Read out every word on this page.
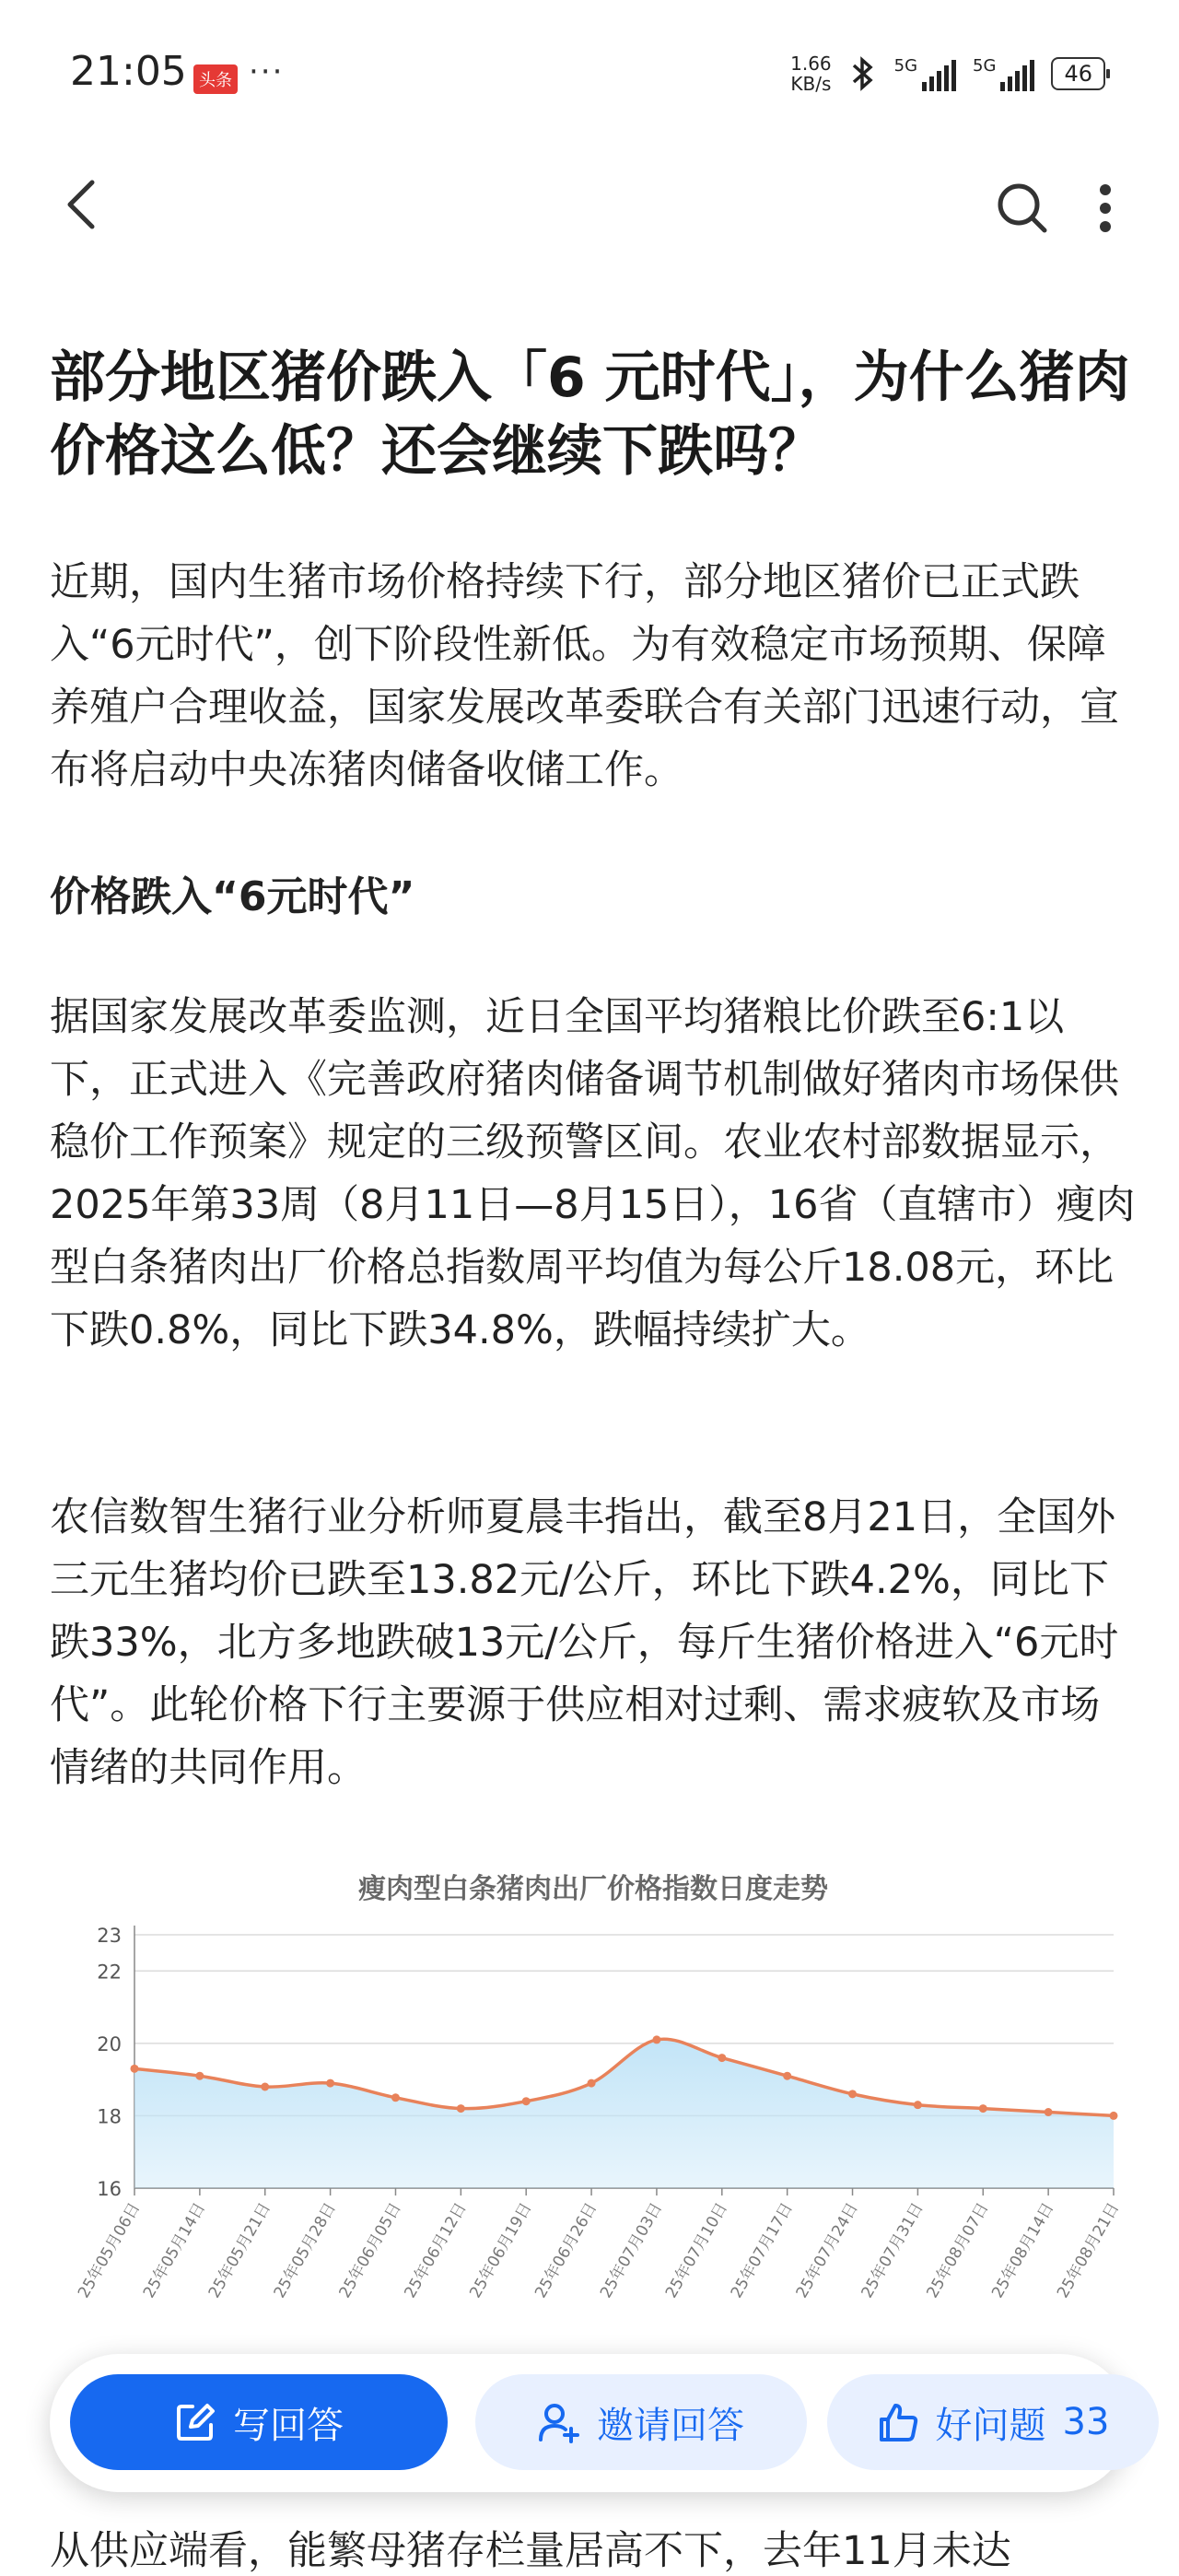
21:05 头条 ···	1.66
KB/s
5G	5G	46
部分地区猪价跌入「6 元时代」，为什么猪肉价格这么低？还会继续下跌吗？
近期，国内生猪市场价格持续下行，部分地区猪价已正式跌入“6元时代”，创下阶段性新低。为有效稳定市场预期、保障养殖户合理收益，国家发展改革委联合有关部门迅速行动，宣布将启动中央冻猪肉储备收储工作。
价格跌入“6元时代”
据国家发展改革委监测，近日全国平均猪粮比价跌至6:1以下，正式进入《完善政府猪肉储备调节机制做好猪肉市场保供稳价工作预案》规定的三级预警区间。农业农村部数据显示，2025年第33周（8月11日—8月15日），16省（直辖市）瘦肉型白条猪肉出厂价格总指数周平均值为每公斤18.08元，环比下跌0.8%，同比下跌34.8%，跌幅持续扩大。
农信数智生猪行业分析师夏晨丰指出，截至8月21日，全国外三元生猪均价已跌至13.82元/公斤，环比下跌4.2%，同比下跌33%，北方多地跌破13元/公斤，每斤生猪价格进入“6元时代”。此轮价格下行主要源于供应相对过剩、需求疲软及市场情绪的共同作用。
16
18
20
22
23
25年05月06日
25年05月14日
25年05月21日
25年05月28日
25年06月05日
25年06月12日
25年06月19日
25年06月26日
25年07月03日
25年07月10日
25年07月17日
25年07月24日
25年07月31日
25年08月07日
25年08月14日
25年08月21日
瘦肉型白条猪肉出厂价格指数日度走势
从供应端看，能繁母猪存栏量居高不下，去年11月未达
写回答	邀请回答	好问题 33
